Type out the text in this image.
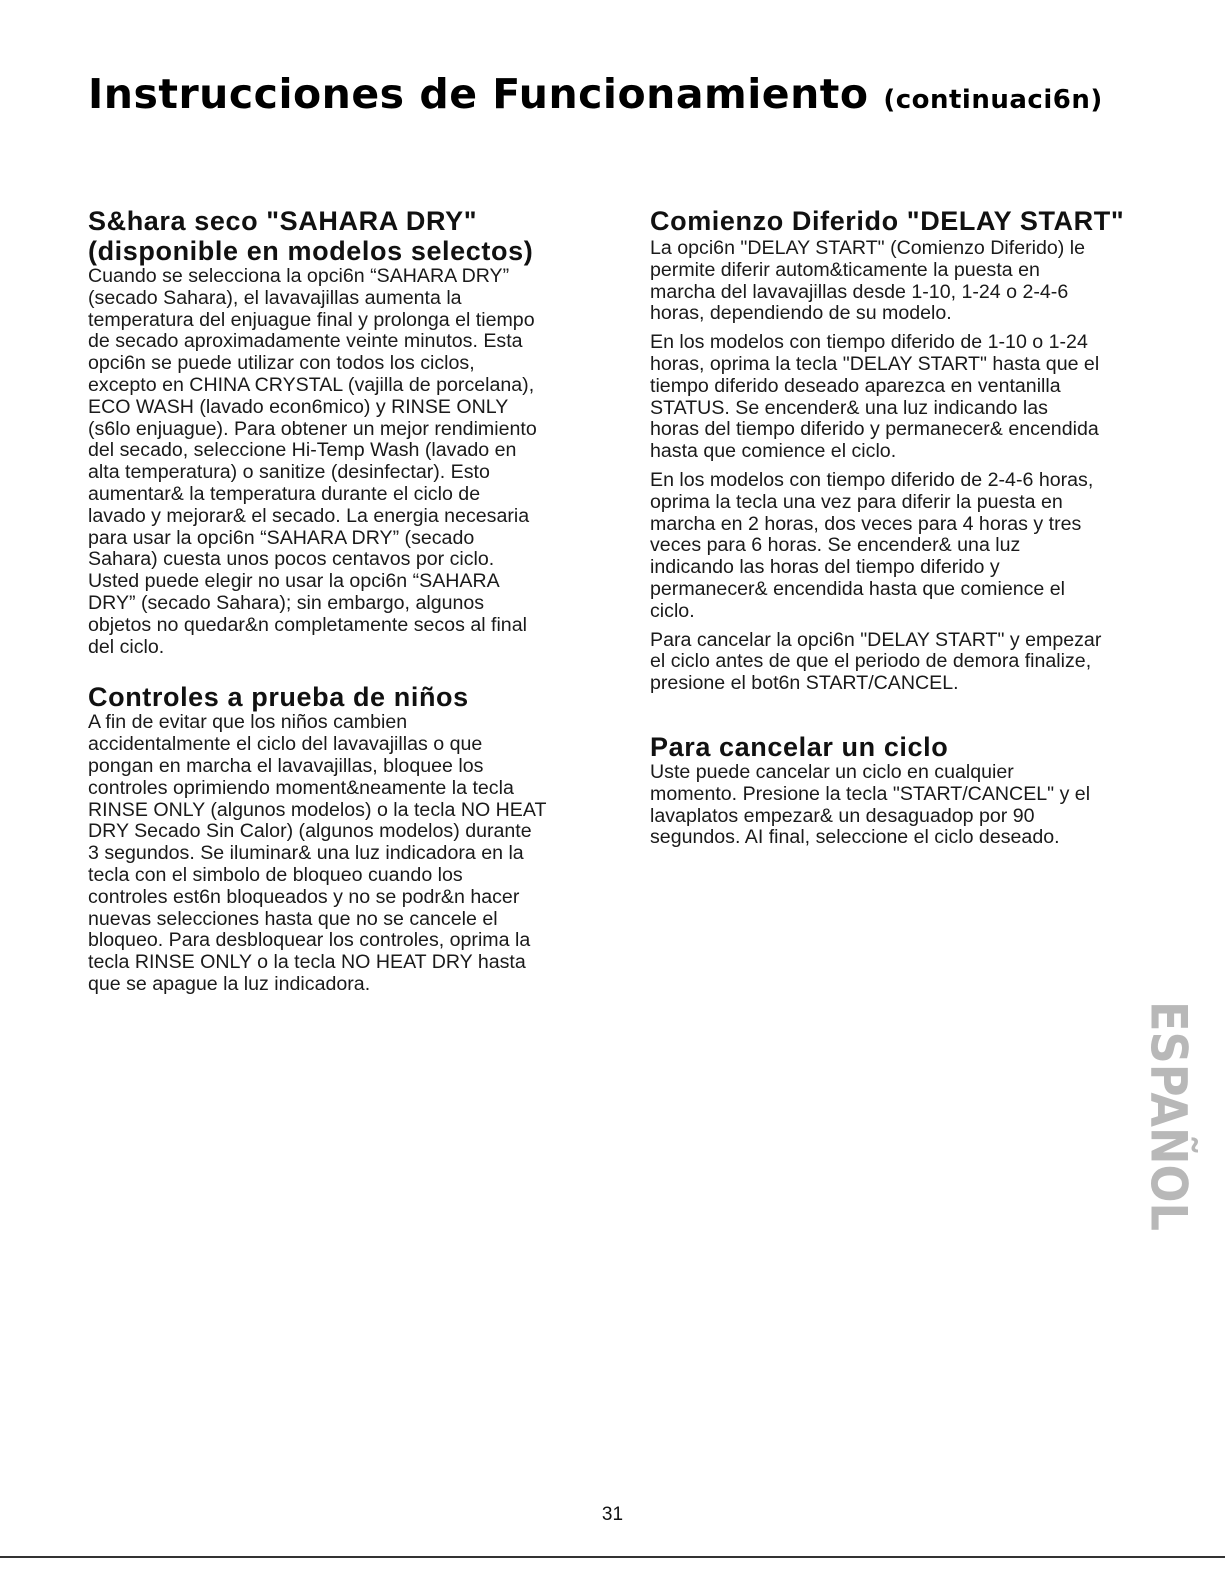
Instrucciones de Funcionamiento (continuaci6n)
S&hara seco "SAHARA DRY"
(disponible en modelos selectos)

Cuando se selecciona la opci6n “SAHARA DRY”
(secado Sahara), el lavavajillas aumenta la
temperatura del enjuague final y prolonga el tiempo
de secado aproximadamente veinte minutos. Esta
opci6n se puede utilizar con todos los ciclos,
excepto en CHINA CRYSTAL (vajilla de porcelana),
ECO WASH (lavado econ6mico) y RINSE ONLY
(s6lo enjuague). Para obtener un mejor rendimiento
del secado, seleccione Hi-Temp Wash (lavado en
alta temperatura) o sanitize (desinfectar). Esto
aumentar& la temperatura durante el ciclo de
lavado y mejorar& el secado. La energia necesaria
para usar la opci6n “SAHARA DRY” (secado
Sahara) cuesta unos pocos centavos por ciclo.
Usted puede elegir no usar la opci6n “SAHARA
DRY” (secado Sahara); sin embargo, algunos
objetos no quedar&n completamente secos al final
del ciclo.

Controles a prueba de niños

A fin de evitar que los niños cambien
accidentalmente el ciclo del lavavajillas o que
pongan en marcha el lavavajillas, bloquee los
controles oprimiendo moment&neamente la tecla
RINSE ONLY (algunos modelos) o la tecla NO HEAT
DRY Secado Sin Calor) (algunos modelos) durante
3 segundos. Se iluminar& una luz indicadora en la
tecla con el simbolo de bloqueo cuando los
controles est6n bloqueados y no se podr&n hacer
nuevas selecciones hasta que no se cancele el
bloqueo. Para desbloquear los controles, oprima la
tecla RINSE ONLY o la tecla NO HEAT DRY hasta
que se apague la luz indicadora.

Comienzo Diferido "DELAY START"

La opci6n "DELAY START" (Comienzo Diferido) le
permite diferir autom&ticamente la puesta en
marcha del lavavajillas desde 1-10, 1-24 o 2-4-6
horas, dependiendo de su modelo.

En los modelos con tiempo diferido de 1-10 o 1-24
horas, oprima la tecla "DELAY START" hasta que el
tiempo diferido deseado aparezca en ventanilla
STATUS. Se encender& una luz indicando las
horas del tiempo diferido y permanecer& encendida
hasta que comience el ciclo.

En los modelos con tiempo diferido de 2-4-6 horas,
oprima la tecla una vez para diferir la puesta en
marcha en 2 horas, dos veces para 4 horas y tres
veces para 6 horas. Se encender& una luz
indicando las horas del tiempo diferido y
permanecer& encendida hasta que comience el
ciclo.

Para cancelar la opci6n "DELAY START" y empezar
el ciclo antes de que el periodo de demora finalize,
presione el bot6n START/CANCEL.

Para cancelar un ciclo

Uste puede cancelar un ciclo en cualquier
momento. Presione la tecla "START/CANCEL" y el
lavaplatos empezar& un desaguadop por 90
segundos. AI final, seleccione el ciclo deseado.

ESPAÑOL
31
